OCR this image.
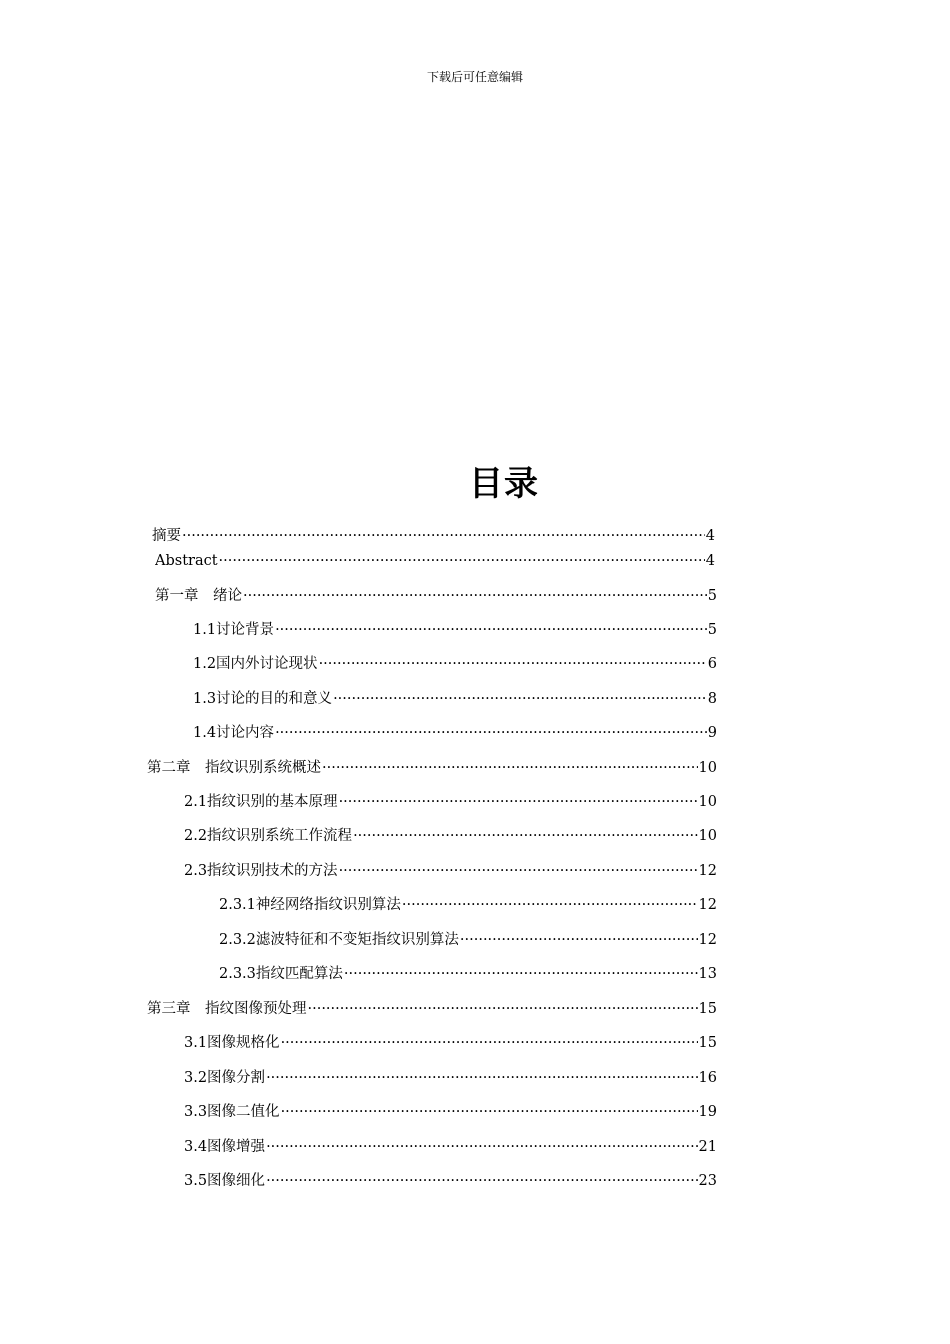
下载后可任意编辑
目录
摘要 ·····	4
Abstract ·····	4
第一章　绪论 ·····	5
1.1讨论背景 ·····	5
1.2国内外讨论现状 ·····	6
1.3讨论的目的和意义 ·····	8
1.4讨论内容 ·····	9
第二章　指纹识别系统概述 ·····	10
2.1指纹识别的基本原理 ·····	10
2.2指纹识别系统工作流程 ·····	10
2.3指纹识别技术的方法 ·····	12
2.3.1神经网络指纹识别算法 ·····	12
2.3.2滤波特征和不变矩指纹识别算法 ·····	12
2.3.3指纹匹配算法 ·····	13
第三章　指纹图像预处理 ·····	15
3.1图像规格化 ·····	15
3.2图像分割 ·····	16
3.3图像二值化 ·····	19
3.4图像增强 ·····	21
3.5图像细化 ·····	23
